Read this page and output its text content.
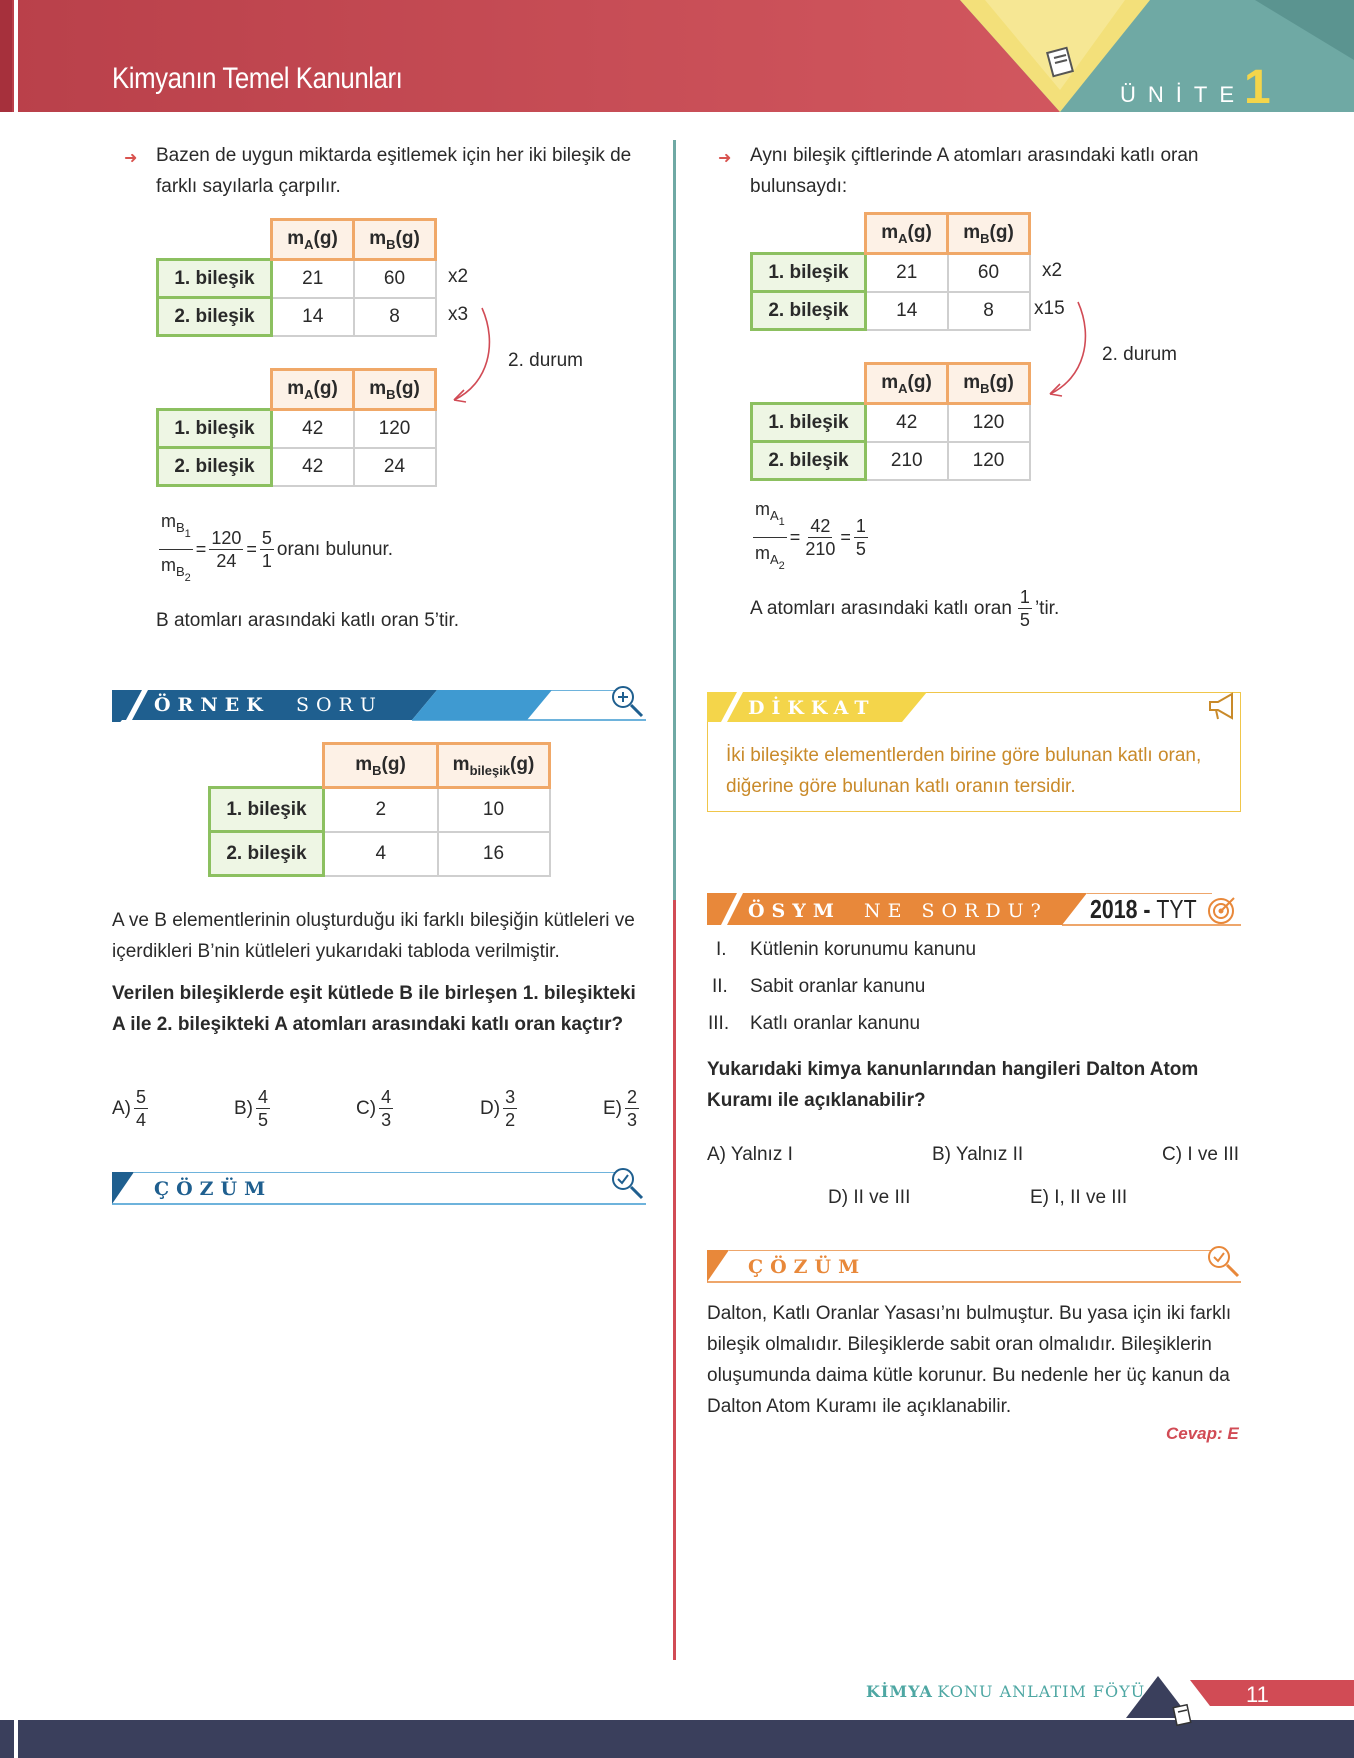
Kimyanın Temel Kanunları	ÜNİTE
1
➜ Bazen de uygun miktarda eşitlemek için her iki bileşik de farklı sayılarla çarpılır.
	$m_A(g)$	$m_B(g)$
1. bileşik	21	60
2. bileşik	14	8
x2
x3
2. durum
	$m_A(g)$	$m_B(g)$
1. bileşik	42	120
2. bileşik	42	24
$\frac{m_{B_1}}{m_{B_2}} = \frac{120}{24} = \frac{5}{1}$ oranı bulunur.
B atomları arasındaki katlı oran 5’tir.
ÖRNEK SORU
	$m_B(g)$	$m_{bileşik}(g)$
1. bileşik	2	10
2. bileşik	4	16
A ve B elementlerinin oluşturduğu iki farklı bileşiğin kütleleri ve içerdikleri B’nin kütleleri yukarıdaki tabloda verilmiştir.
Verilen bileşiklerde eşit kütlede B ile birleşen 1. bileşikteki A ile 2. bileşikteki A atomları arasındaki katlı oran kaçtır?
$A) \frac{5}{4}$	$B) \frac{4}{5}$	$C) \frac{4}{3}$	$D) \frac{3}{2}$	$E) \frac{2}{3}$
ÇÖZÜM
➜ Aynı bileşik çiftlerinde A atomları arasındaki katlı oran bulunsaydı:
	$m_A(g)$	$m_B(g)$
1. bileşik	21	60
2. bileşik	14	8
x2
x15
2. durum
	$m_A(g)$	$m_B(g)$
1. bileşik	42	120
2. bileşik	210	120
$\frac{m_{A_1}}{m_{A_2}} = \frac{42}{210} = \frac{1}{5}$
A atomları arasındaki katlı oran $\frac{1}{5}$ ’tir.
DİKKAT
İki bileşikte elementlerden birine göre bulunan katlı oran, diğerine göre bulunan katlı oranın tersidir.
ÖSYM NE SORDU? 2018 - TYT
I. Kütlenin korunumu kanunu
II. Sabit oranlar kanunu
III. Katlı oranlar kanunu
Yukarıdaki kimya kanunlarından hangileri Dalton Atom Kuramı ile açıklanabilir?
A) Yalnız I	B) Yalnız II	C) I ve III
D) II ve III	E) I, II ve III
ÇÖZÜM
Dalton, Katlı Oranlar Yasası’nı bulmuştur. Bu yasa için iki farklı bileşik olmalıdır. Bileşiklerde sabit oran olmalıdır. Bileşiklerin oluşumunda daima kütle korunur. Bu nedenle her üç kanun da Dalton Atom Kuramı ile açıklanabilir.
Cevap: E
KİMYA KONU ANLATIM FÖYÜ	11
